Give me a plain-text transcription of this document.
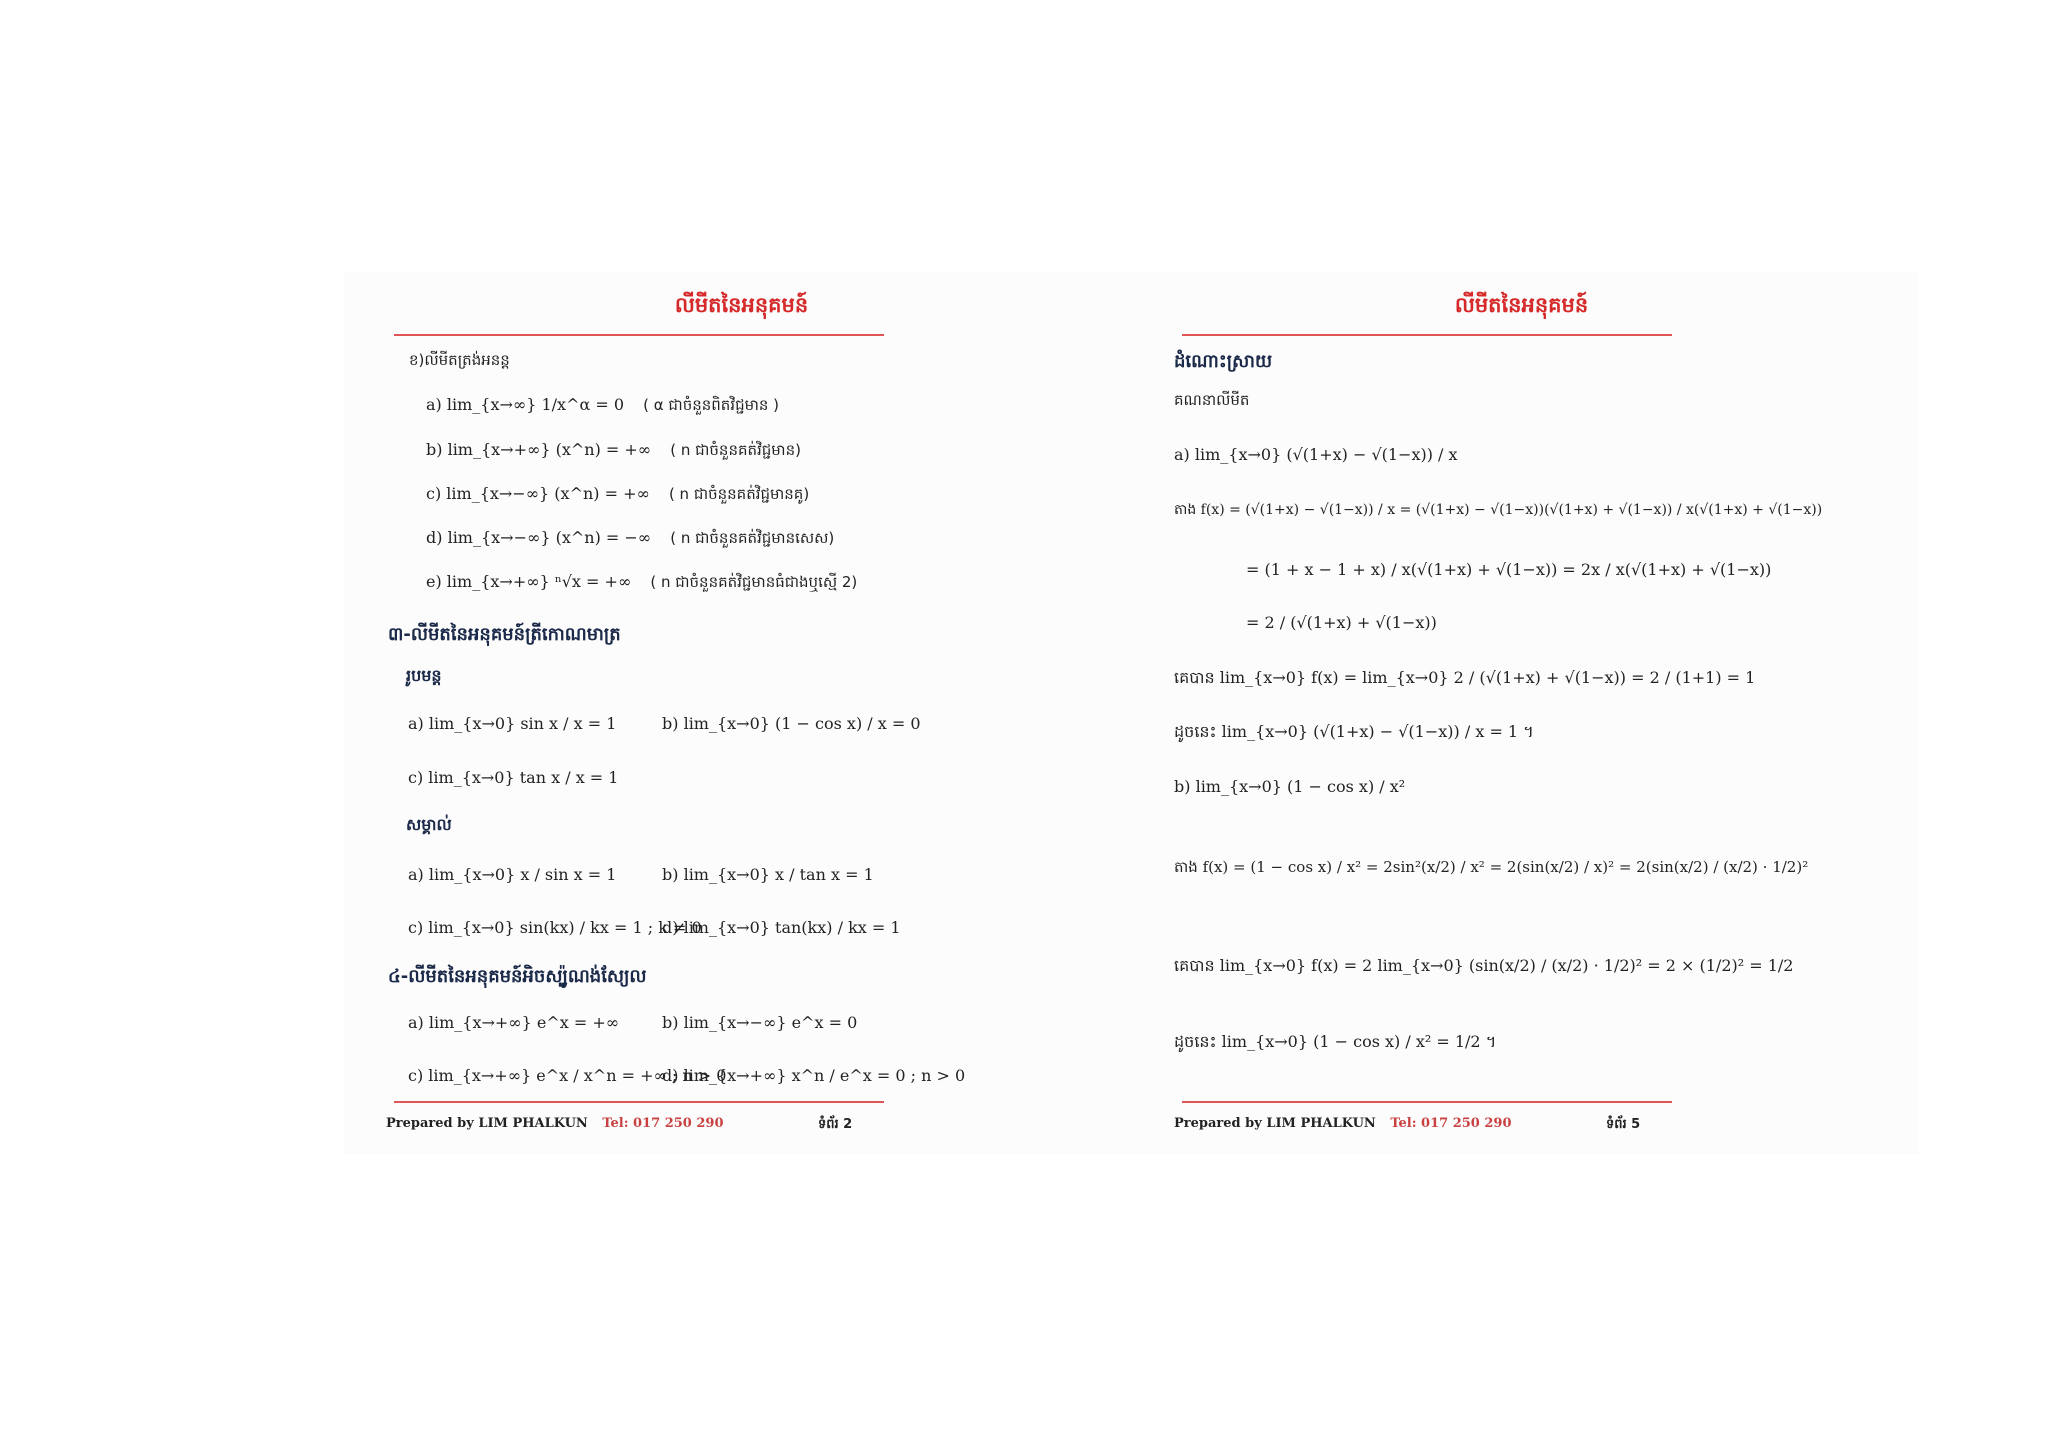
លីមីតនៃអនុគមន៍
ខ)លីមីតត្រង់អនន្ត
a) lim_{x→∞} 1/x^α = 0 ( α ជាចំនួនពិតវិជ្ជមាន )
b) lim_{x→+∞} (x^n) = +∞ ( n ជាចំនួនគត់វិជ្ជមាន)
c) lim_{x→−∞} (x^n) = +∞ ( n ជាចំនួនគត់វិជ្ជមានគូ)
d) lim_{x→−∞} (x^n) = −∞ ( n ជាចំនួនគត់វិជ្ជមានសេស)
e) lim_{x→+∞} ⁿ√x = +∞ ( n ជាចំនួនគត់វិជ្ជមានធំជាងឬស្មើ 2)
៣-លីមីតនៃអនុគមន៍ត្រីកោណមាត្រ
រូបមន្ត
a) lim_{x→0} sin x / x = 1	b) lim_{x→0} (1 − cos x) / x = 0
c) lim_{x→0} tan x / x = 1
សម្គាល់
a) lim_{x→0} x / sin x = 1	b) lim_{x→0} x / tan x = 1
c) lim_{x→0} sin(kx) / kx = 1 ; k ≠ 0
d) lim_{x→0} tan(kx) / kx = 1
៤-លីមីតនៃអនុគមន៍អិចស្ប៉ូណង់ស្យែល
a) lim_{x→+∞} e^x = +∞	b) lim_{x→−∞} e^x = 0
c) lim_{x→+∞} e^x / x^n = +∞ ; n > 0
d) lim_{x→+∞} x^n / e^x = 0 ; n > 0
Prepared by LIM PHALKUN Tel: 017 250 290	ទំព័រ 2
លីមីតនៃអនុគមន៍
ដំណោះស្រាយ
គណនាលីមីត
a) lim_{x→0} (√(1+x) − √(1−x)) / x
តាង f(x) = (√(1+x) − √(1−x)) / x = (√(1+x) − √(1−x))(√(1+x) + √(1−x)) / x(√(1+x) + √(1−x))
= (1 + x − 1 + x) / x(√(1+x) + √(1−x)) = 2x / x(√(1+x) + √(1−x))
= 2 / (√(1+x) + √(1−x))
គេបាន lim_{x→0} f(x) = lim_{x→0} 2 / (√(1+x) + √(1−x)) = 2 / (1+1) = 1
ដូចនេះ lim_{x→0} (√(1+x) − √(1−x)) / x = 1 ។
b) lim_{x→0} (1 − cos x) / x²
តាង f(x) = (1 − cos x) / x² = 2sin²(x/2) / x² = 2(sin(x/2) / x)² = 2(sin(x/2) / (x/2) · 1/2)²
គេបាន lim_{x→0} f(x) = 2 lim_{x→0} (sin(x/2) / (x/2) · 1/2)² = 2 × (1/2)² = 1/2
ដូចនេះ lim_{x→0} (1 − cos x) / x² = 1/2 ។
Prepared by LIM PHALKUN Tel: 017 250 290	ទំព័រ 5
